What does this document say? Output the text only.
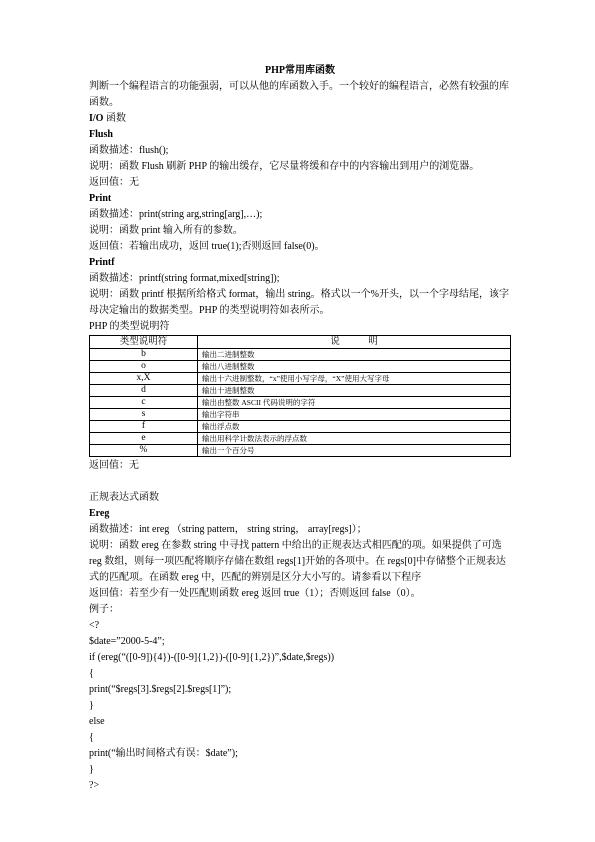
PHP常用库函数
判断一个编程语言的功能强弱，可以从他的库函数入手。一个较好的编程语言，必然有较强的库函数。
I/O 函数
Flush
函数描述：flush();
说明：函数 Flush 刷新 PHP 的输出缓存，它尽量将缓和存中的内容输出到用户的浏览器。
返回值：无
Print
函数描述：print(string arg,string[arg],…);
说明：函数 print 输入所有的参数。
返回值：若输出成功，返回 true(1);否则返回 false(0)。
Printf
函数描述：printf(string format,mixed[string]);
说明：函数 printf 根据所给格式 format，输出 string。格式以一个%开头，以一个字母结尾，该字母决定输出的数据类型。PHP 的类型说明符如表所示。
PHP 的类型说明符
类型说明符	说　　　明
b	输出二进制整数
o	输出八进制整数
x,X	输出十六进制整数，“x”使用小写字母，“X”使用大写字母
d	输出十进制整数
c	输出由整数 ASCII 代码说明的字符
s	输出字符串
f	输出浮点数
e	输出用科学计数法表示的浮点数
%	输出一个百分号
返回值：无
正规表达式函数
Ereg
函数描述：int ereg （string pattern， string string， array[regs]）；
说明：函数 ereg 在参数 string 中寻找 pattern 中给出的正规表达式相匹配的项。如果提供了可选 reg 数组，则每一项匹配将顺序存储在数组 regs[1]开始的各项中。在 regs[0]中存储整个正规表达式的匹配项。在函数 ereg 中，匹配的辨别是区分大小写的。请参看以下程序
返回值：若至少有一处匹配则函数 ereg 返回 true（1）；否则返回 false（0）。
例子：
<?
$date=”2000-5-4”;
if (ereg(“([0-9]){4})-([0-9]{1,2})-([0-9]{1,2})”,$date,$regs))
{
print(“$regs[3].$regs[2].$regs[1]”);
}
else
{
print(“输出时间格式有误：$date”);
}
?>
